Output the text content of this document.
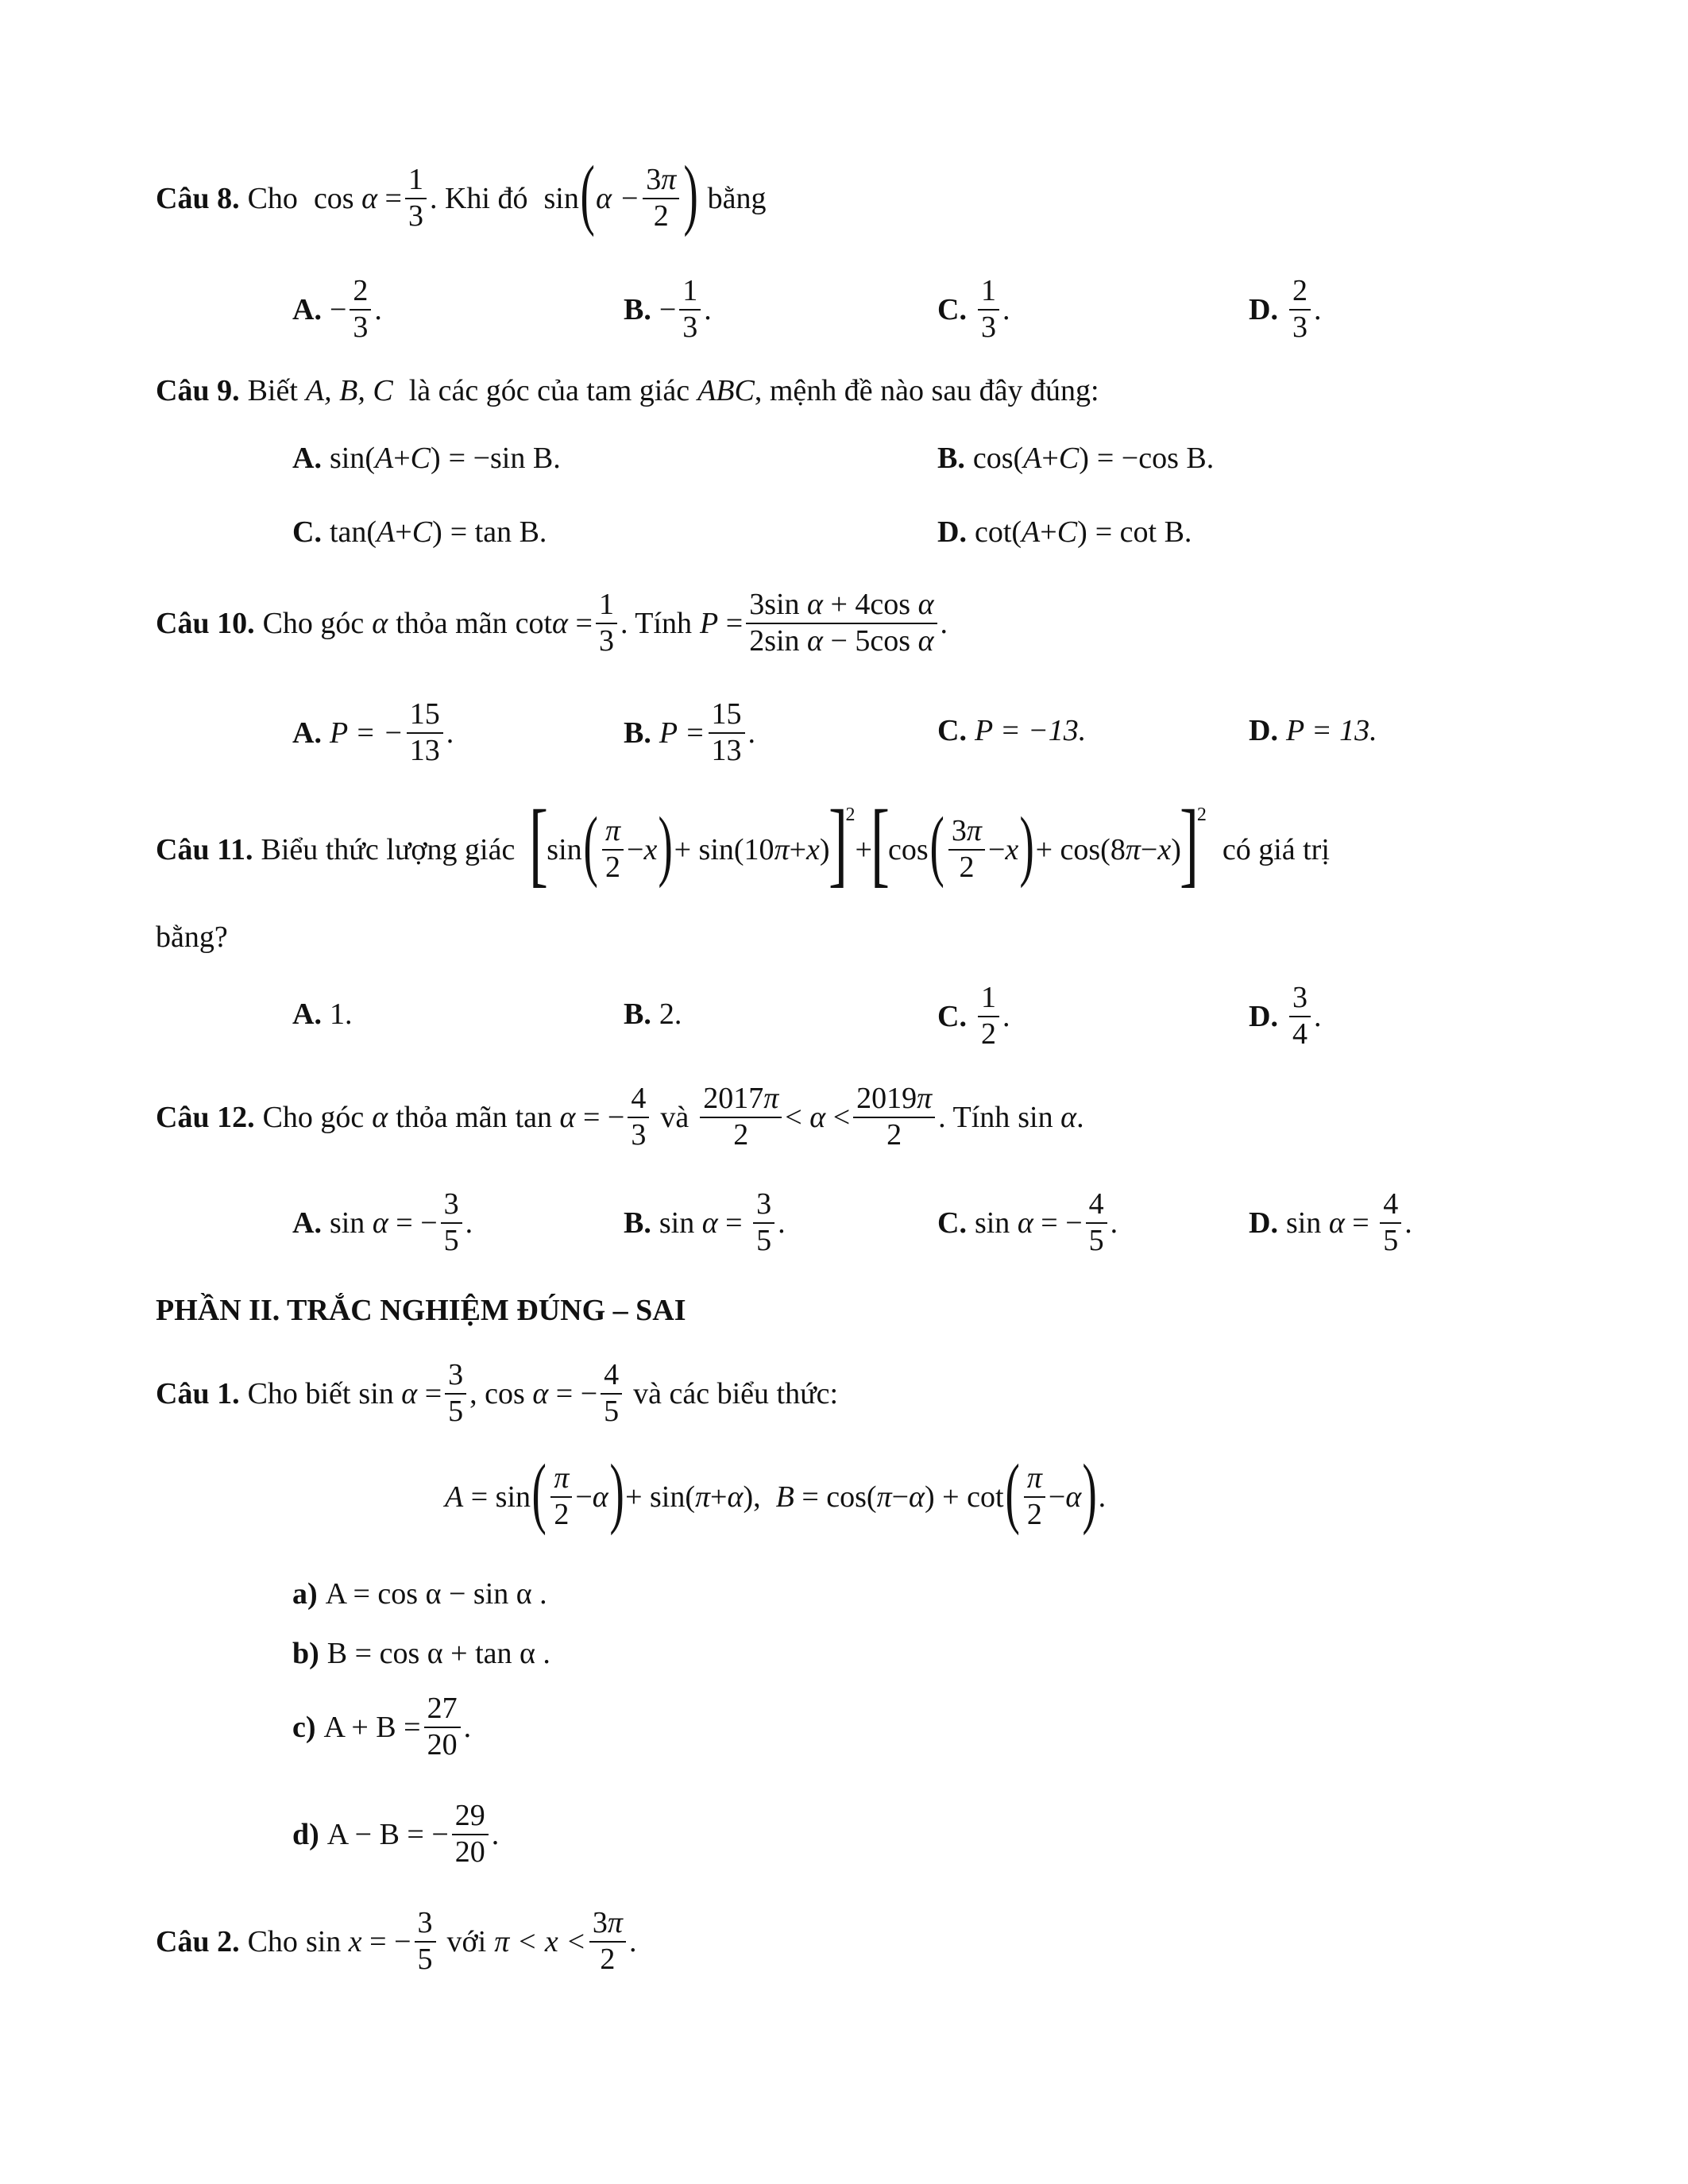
Câu 8. Cho $\cos \alpha = \frac{1}{3}$ . Khi đó sin ( $\alpha - \frac{3\pi}{2}$ ) bằng
A. − $\frac{2}{3}$ .	B. − $\frac{1}{3}$ .	C. $\frac{1}{3}$ .	D. $\frac{2}{3}$ .
Câu 9. Biết A, B, C là các góc của tam giác ABC , mệnh đề nào sau đây đúng:
A. sin ( A + C ) = −sin B.	B. cos ( A + C ) = −cos B.
C. tan ( A + C ) = tan B.	D. cot ( A + C ) = cot B.
Câu 10. Cho góc α thỏa mãn $\cot\alpha = \frac{1}{3}$ . Tính $P = \frac{\text{3sin α + 4cos α}}{\text{2sin α − 5cos α}}$ .
A. P = − $\frac{15}{13}$ .	B. $P = \frac{15}{13}$ .	C. P = −13.	D. P = 13.
Câu 11. Biểu thức lượng giác [
sin ( $\frac{\pi}{2} - x$ ) + sin(10 π + x )
]
2
+
[
cos ( $\frac{3\pi}{2} - x$ ) + cos(8 π − x )
]
2
có giá trị
bằng?
A. 1.	B. 2.	C. $\frac{1}{2}$ .	D. $\frac{3}{4}$ .
Câu 12. Cho góc α thỏa mãn tan α = − $\frac{4}{3}$ và $\frac{2017\pi}{2} < \alpha < \frac{2019\pi}{2}$ . Tính sin α.
A. sin α = − $\frac{3}{5}$ .	B. $\sin \alpha = \frac{3}{5}$ .	C. sin α = − $\frac{4}{5}$ .	D. $\sin \alpha = \frac{4}{5}$ .
PHẦN II. TRẮC NGHIỆM ĐÚNG – SAI
Câu 1. Cho biết $\sin \alpha = \frac{3}{5}$ , cos α = − $\frac{4}{5}$ và các biểu thức:
A = sin ( $\frac{\pi}{2} - \alpha$ ) + sin( π + α ), B = cos( π − α ) + cot ( $\frac{\pi}{2} - \alpha$ ) .
a) A = cos α − sin α .
b) B = cos α + tan α .
c) $A + B = \frac{27}{20}$ .
d) A − B = − $\frac{29}{20}$ .
Câu 2. Cho sin x = − $\frac{3}{5}$ với $\pi < x < \frac{3\pi}{2}$ .
